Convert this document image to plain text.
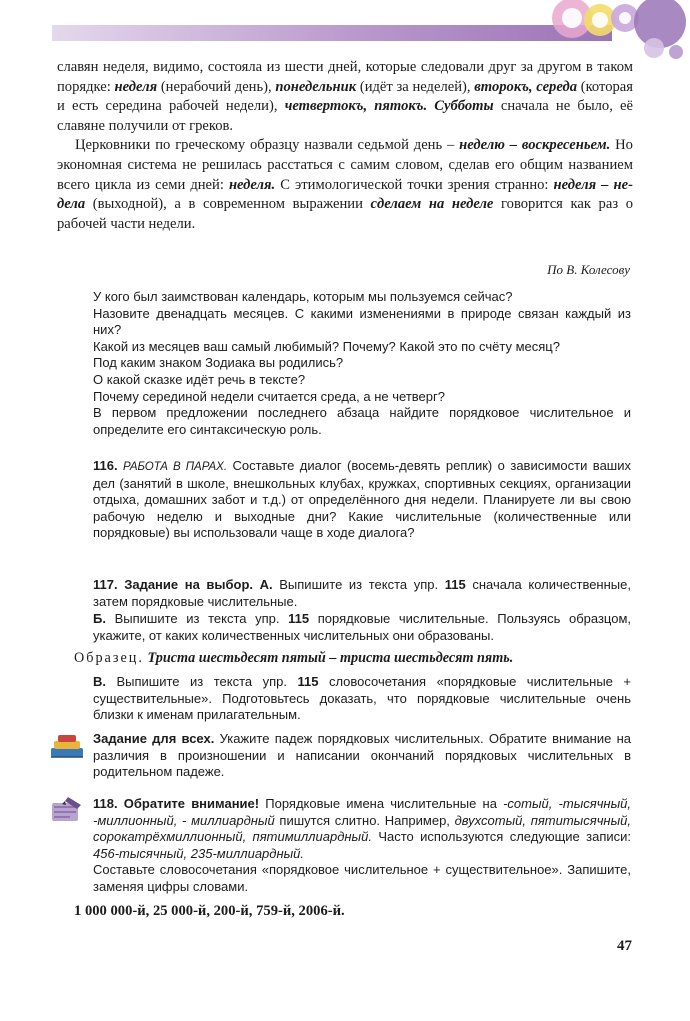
славян неделя, видимо, состояла из шести дней, которые следовали друг за другом в таком порядке: неделя (нерабочий день), понедельник (идёт за неделей), второкъ, середа (которая и есть середина рабочей недели), четвертокъ, пятокъ. Субботы сначала не было, её славяне получили от греков.

Церковники по греческому образцу назвали седьмой день – неделю – воскресеньем. Но экономная система не решилась расстаться с самим словом, сделав его общим названием всего цикла из семи дней: неделя. С этимологической точки зрения странно: неделя – не-дела (выходной), а в современном выражении сделаем на неделе говорится как раз о рабочей части недели.

По В. Колесову
У кого был заимствован календарь, которым мы пользуемся сейчас?
Назовите двенадцать месяцев. С какими изменениями в природе связан каждый из них?
Какой из месяцев ваш самый любимый? Почему? Какой это по счёту месяц?
Под каким знаком Зодиака вы родились?
О какой сказке идёт речь в тексте?
Почему серединой недели считается среда, а не четверг?
В первом предложении последнего абзаца найдите порядковое числительное и определите его синтаксическую роль.
116. РАБОТА В ПАРАХ. Составьте диалог (восемь-девять реплик) о зависимости ваших дел (занятий в школе, внешкольных клубах, кружках, спортивных секциях, организации отдыха, домашних забот и т.д.) от определённого дня недели. Планируете ли вы свою рабочую неделю и выходные дни? Какие числительные (количественные или порядковые) вы использовали чаще в ходе диалога?
117. Задание на выбор. А. Выпишите из текста упр. 115 сначала количественные, затем порядковые числительные.
Б. Выпишите из текста упр. 115 порядковые числительные. Пользуясь образцом, укажите, от каких количественных числительных они образованы.
Образец. Триста шестьдесят пятый – триста шестьдесят пять.
В. Выпишите из текста упр. 115 словосочетания «порядковые числительные + существительные». Подготовьтесь доказать, что порядковые числительные очень близки к именам прилагательным.
Задание для всех. Укажите падеж порядковых числительных. Обратите внимание на различия в произношении и написании окончаний порядковых числительных в родительном падеже.
118. Обратите внимание! Порядковые имена числительные на -сотый, -тысячный, -миллионный, - миллиардный пишутся слитно. Например, двухсотый, пятитысячный, сорокатрёхмиллионный, пятимиллиардный. Часто используются следующие записи: 456-тысячный, 235-миллиардный.
Составьте словосочетания «порядковое числительное + существительное». Запишите, заменяя цифры словами.
1 000 000-й, 25 000-й, 200-й, 759-й, 2006-й.
47
